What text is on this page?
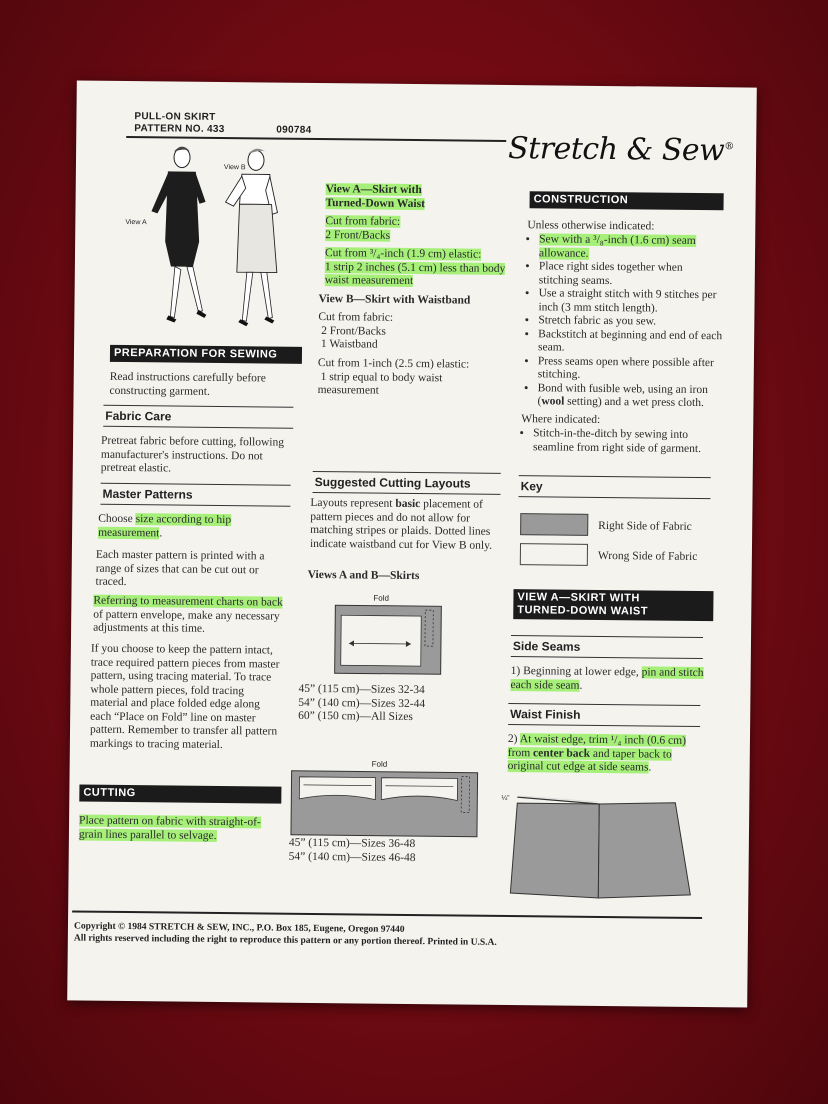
PULL-ON SKIRT
PATTERN NO. 433	090784
Stretch & Sew®
View A
View B
PREPARATION FOR SEWING
Read instructions carefully before constructing garment.
Fabric Care
Pretreat fabric before cutting, following manufacturer's instructions. Do not pretreat elastic.
Master Patterns
Choose size according to hip measurement.
Each master pattern is printed with a range of sizes that can be cut out or traced.
Referring to measurement charts on back of pattern envelope, make any necessary adjustments at this time.
If you choose to keep the pattern intact, trace required pattern pieces from master pattern, using tracing material. To trace whole pattern pieces, fold tracing material and place folded edge along each “Place on Fold” line on master pattern. Remember to transfer all pattern markings to tracing material.
CUTTING
Place pattern on fabric with straight-of-grain lines parallel to selvage.
View A—Skirt with
Turned-Down Waist
Cut from fabric:
2 Front/Backs
Cut from ³/₄-inch (1.9 cm) elastic:
1 strip 2 inches (5.1 cm) less than body waist measurement
View B—Skirt with Waistband
Cut from fabric:
2 Front/Backs
1 Waistband
Cut from 1-inch (2.5 cm) elastic:
1 strip equal to body waist measurement
Suggested Cutting Layouts
Layouts represent basic placement of pattern pieces and do not allow for matching stripes or plaids. Dotted lines indicate waistband cut for View B only.
Views A and B—Skirts
Fold
45” (115 cm)—Sizes 32-34
54” (140 cm)—Sizes 32-44
60” (150 cm)—All Sizes
Fold
45” (115 cm)—Sizes 36-48
54” (140 cm)—Sizes 46-48
CONSTRUCTION
Unless otherwise indicated:
• Sew with a ³/₈-inch (1.6 cm) seam allowance.
• Place right sides together when stitching seams.
• Use a straight stitch with 9 stitches per inch (3 mm stitch length).
• Stretch fabric as you sew.
• Backstitch at beginning and end of each seam.
• Press seams open where possible after stitching.
• Bond with fusible web, using an iron (wool setting) and a wet press cloth.
Where indicated:
• Stitch-in-the-ditch by sewing into seamline from right side of garment.
Key
Right Side of Fabric
Wrong Side of Fabric
VIEW A—SKIRT WITH
TURNED-DOWN WAIST
Side Seams
1) Beginning at lower edge, pin and stitch each side seam.
Waist Finish
2) At waist edge, trim ¹/₄ inch (0.6 cm) from center back and taper back to original cut edge at side seams.
¼”
Copyright © 1984 STRETCH & SEW, INC., P.O. Box 185, Eugene, Oregon 97440
All rights reserved including the right to reproduce this pattern or any portion thereof. Printed in U.S.A.
